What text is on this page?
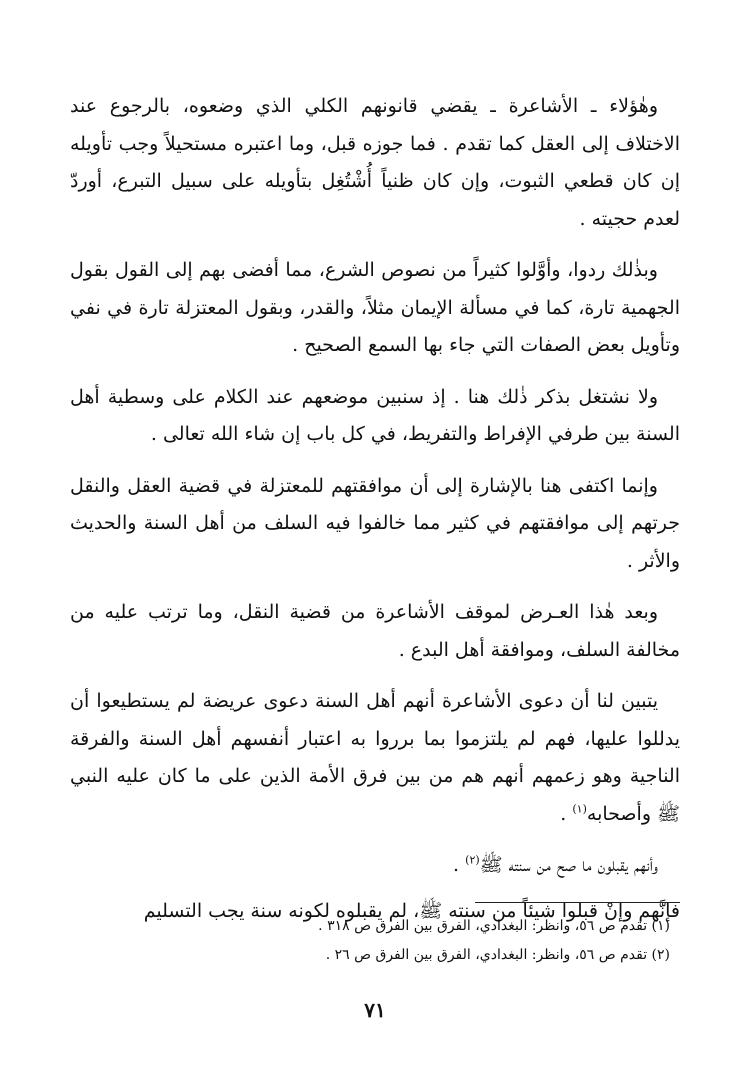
وهٰؤلاء ـ الأشاعرة ـ يقضي قانونهم الكلي الذي وضعوه، بالرجوع عند الاختلاف إلى العقل كما تقدم . فما جوزه قبل، وما اعتبره مستحيلاً وجب تأويله إن كان قطعي الثبوت، وإن كان ظنياً أُشْتُغِل بتأويله على سبيل التبرع، أوردّ لعدم حجيته .

وبذٰلك ردوا، وأوَّلوا كثيراً من نصوص الشرع، مما أفضى بهم إلى القول بقول الجهمية تارة، كما في مسألة الإيمان مثلاً، والقدر، وبقول المعتزلة تارة في نفي وتأويل بعض الصفات التي جاء بها السمع الصحيح .

ولا نشتغل بذكر ذٰلك هنا . إذ سنبين موضعهم عند الكلام على وسطية أهل السنة بين طرفي الإفراط والتفريط، في كل باب إن شاء الله تعالى .

وإنما اكتفى هنا بالإشارة إلى أن موافقتهم للمعتزلة في قضية العقل والنقل جرتهم إلى موافقتهم في كثير مما خالفوا فيه السلف من أهل السنة والحديث والأثر .

وبعد هٰذا العـرض لموقف الأشاعرة من قضية النقل، وما ترتب عليه من مخالفة السلف، وموافقة أهل البدع .

يتبين لنا أن دعوى الأشاعرة أنهم أهل السنة دعوى عريضة لم يستطيعوا أن يدللوا عليها، فهم لم يلتزموا بما برروا به اعتبار أنفسهم أهل السنة والفرقة الناجية وهو زعمهم أنهم هم من بين فرق الأمة الذين على ما كان عليه النبي ﷺ وأصحابه$^{(١)}$ .

وأنهم يقبلون ما صح من سنته ﷺ$^{(٢)}$ .

فإنَّهم وإنْ قبلوا شيئاً من سنته ﷺ، لم يقبلوه لكونه سنة يجب التسليم

(١) تقدم ص ٥٦، وانظر: البغدادي، الفرق بين الفرق ص ٣١٨ .

(٢) تقدم ص ٥٦، وانظر: البغدادي، الفرق بين الفرق ص ٢٦ .

٧١
